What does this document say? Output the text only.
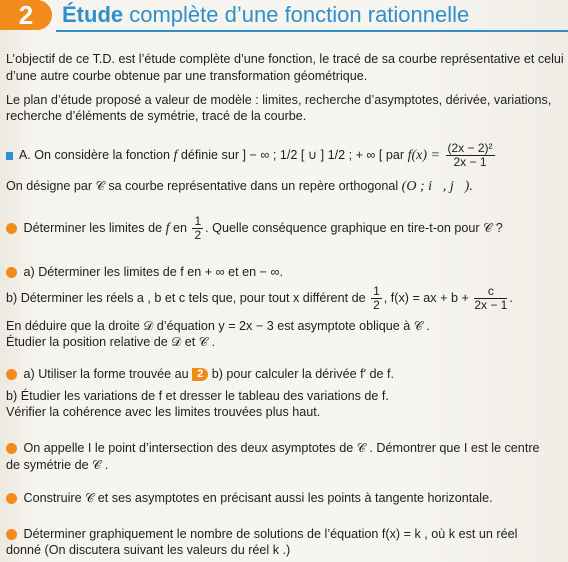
2	Étude complète d’une fonction rationnelle
L’objectif de ce T.D. est l’étude complète d’une fonction, le tracé de sa courbe représentative et celui
d’une autre courbe obtenue par une transformation géométrique.
Le plan d’étude proposé a valeur de modèle : limites, recherche d’asymptotes, dérivée, variations,
recherche d’éléments de symétrie, tracé de la courbe.
A. On considère la fonction f définie sur ] − ∞ ; 1/2 [ ∪ ] 1/2 ; + ∞ [ par $f(x) = \frac{\text{(2x − 2)²}}{2x - 1}$
On désigne par 𝒞 sa courbe représentative dans un repère orthogonal (O ; i⃗, j⃗).
Déterminer les limites de f en $\frac{1}{2}$ . Quelle conséquence graphique en tire-t-on pour 𝒞 ?
a) Déterminer les limites de f en + ∞ et en − ∞.
b) Déterminer les réels a , b et c tels que, pour tout x différent de $\frac{1}{2}$ , f(x) = ax + $b + \frac{c}{2x - 1}$ .
En déduire que la droite 𝒟 d’équation y = 2x − 3 est asymptote oblique à 𝒞 .
Étudier la position relative de 𝒟 et 𝒞 .
a) Utiliser la forme trouvée au 2 b) pour calculer la dérivée f′ de f.
b) Étudier les variations de f et dresser le tableau des variations de f.
Vérifier la cohérence avec les limites trouvées plus haut.
On appelle I le point d’intersection des deux asymptotes de 𝒞 . Démontrer que I est le centre
de symétrie de 𝒞 .
Construire 𝒞 et ses asymptotes en précisant aussi les points à tangente horizontale.
Déterminer graphiquement le nombre de solutions de l’équation f(x) = k , où k est un réel
donné (On discutera suivant les valeurs du réel k .)
